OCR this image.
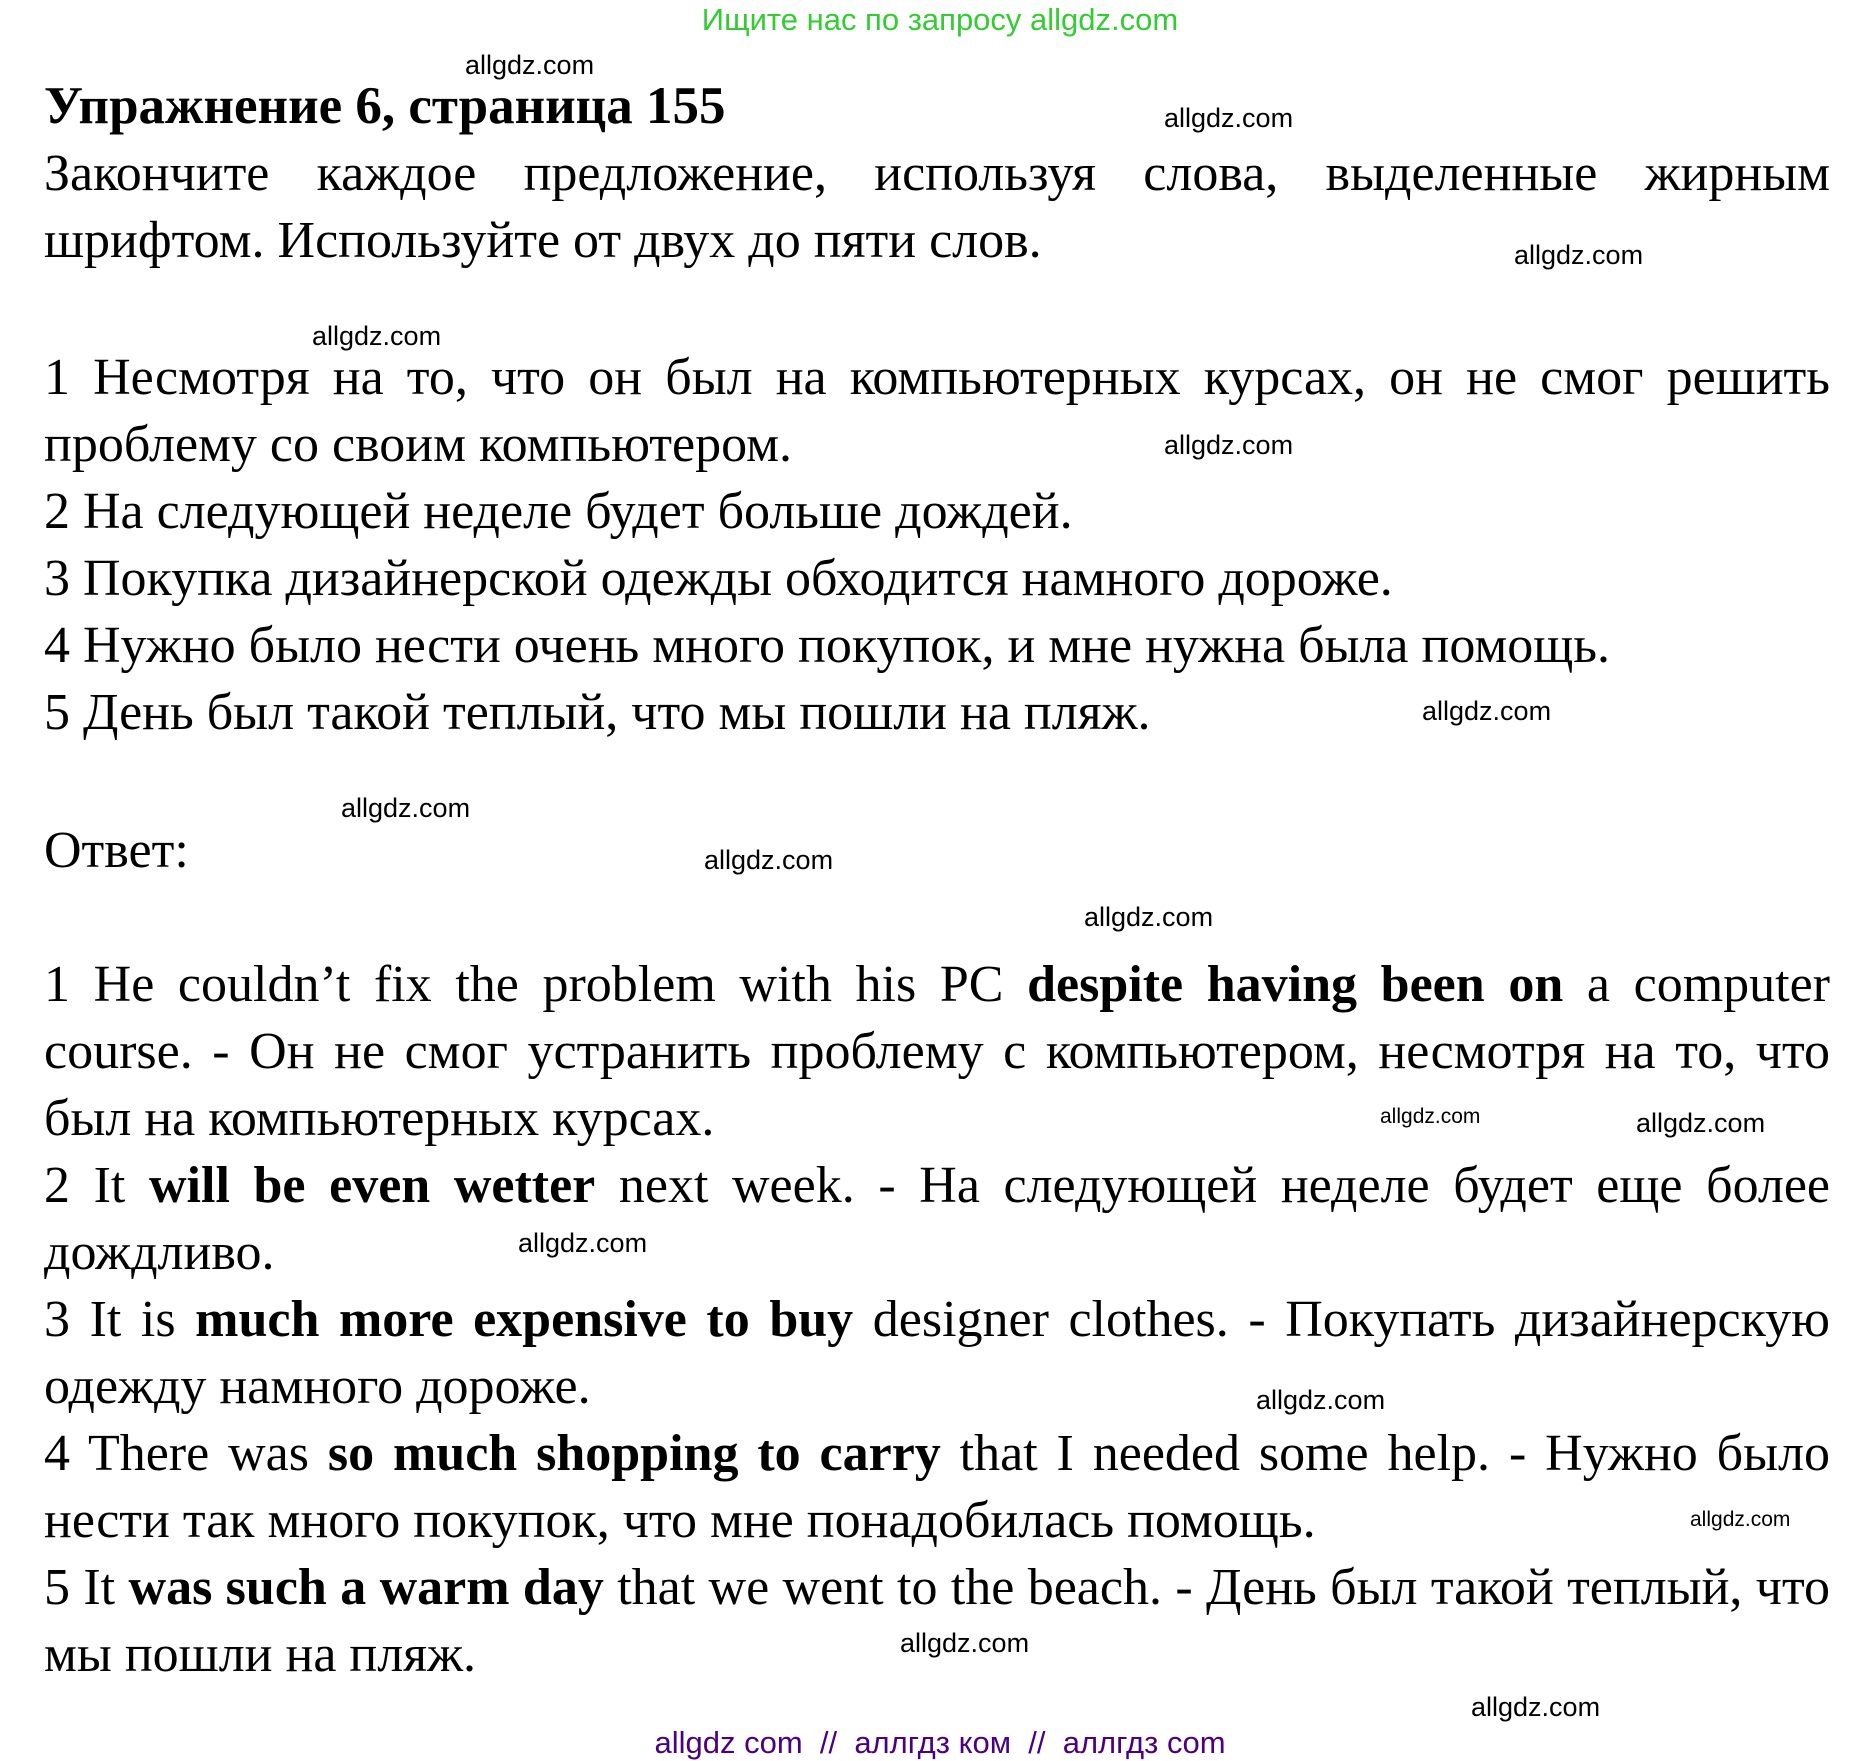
Ищите нас по запросу allgdz.com
Упражнение 6, страница 155

Закончите каждое предложение, используя слова, выделенные жирным шрифтом. Используйте от двух до пяти слов.

1 Несмотря на то, что он был на компьютерных курсах, он не смог решить проблему со своим компьютером.

2 На следующей неделе будет больше дождей.

3 Покупка дизайнерской одежды обходится намного дороже.

4 Нужно было нести очень много покупок, и мне нужна была помощь.

5 День был такой теплый, что мы пошли на пляж.

Ответ:

1 He couldn’t fix the problem with his PC despite having been on a computer course. - Он не смог устранить проблему с компьютером, несмотря на то, что был на компьютерных курсах.

2 It will be even wetter next week. - На следующей неделе будет еще более дождливо.

3 It is much more expensive to buy designer clothes. - Покупать дизайнерскую одежду намного дороже.

4 There was so much shopping to carry that I needed some help. - Нужно было нести так много покупок, что мне понадобилась помощь.

5 It was such a warm day that we went to the beach. - День был такой теплый, что мы пошли на пляж.

allgdz.com
allgdz.com
allgdz.com
allgdz.com
allgdz.com
allgdz.com
allgdz.com
allgdz.com
allgdz.com
allgdz.com	allgdz.com
allgdz.com
allgdz.com
allgdz.com
allgdz.com
allgdz.com
allgdz com  //  аллгдз ком  //  аллгдз com
